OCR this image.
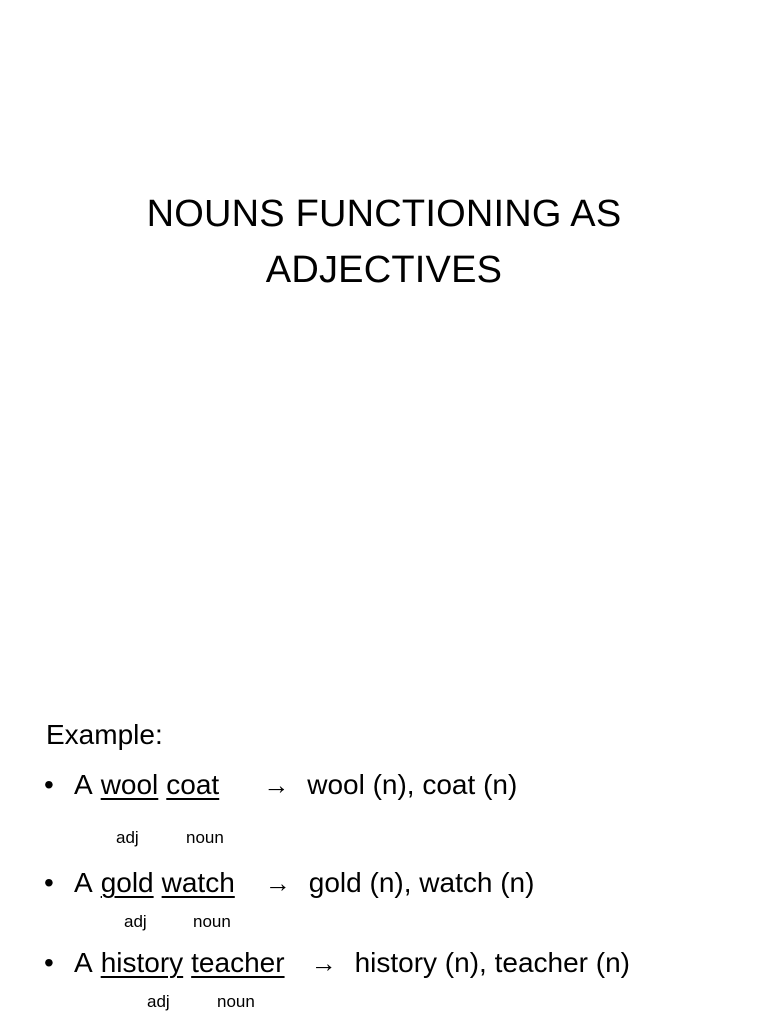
NOUNS FUNCTIONING AS
ADJECTIVES
Example:
• A wool coat → wool (n), coat (n)
adj	noun
• A gold watch → gold (n), watch (n)
adj	noun
• A history teacher → history (n), teacher (n)
adj	noun
